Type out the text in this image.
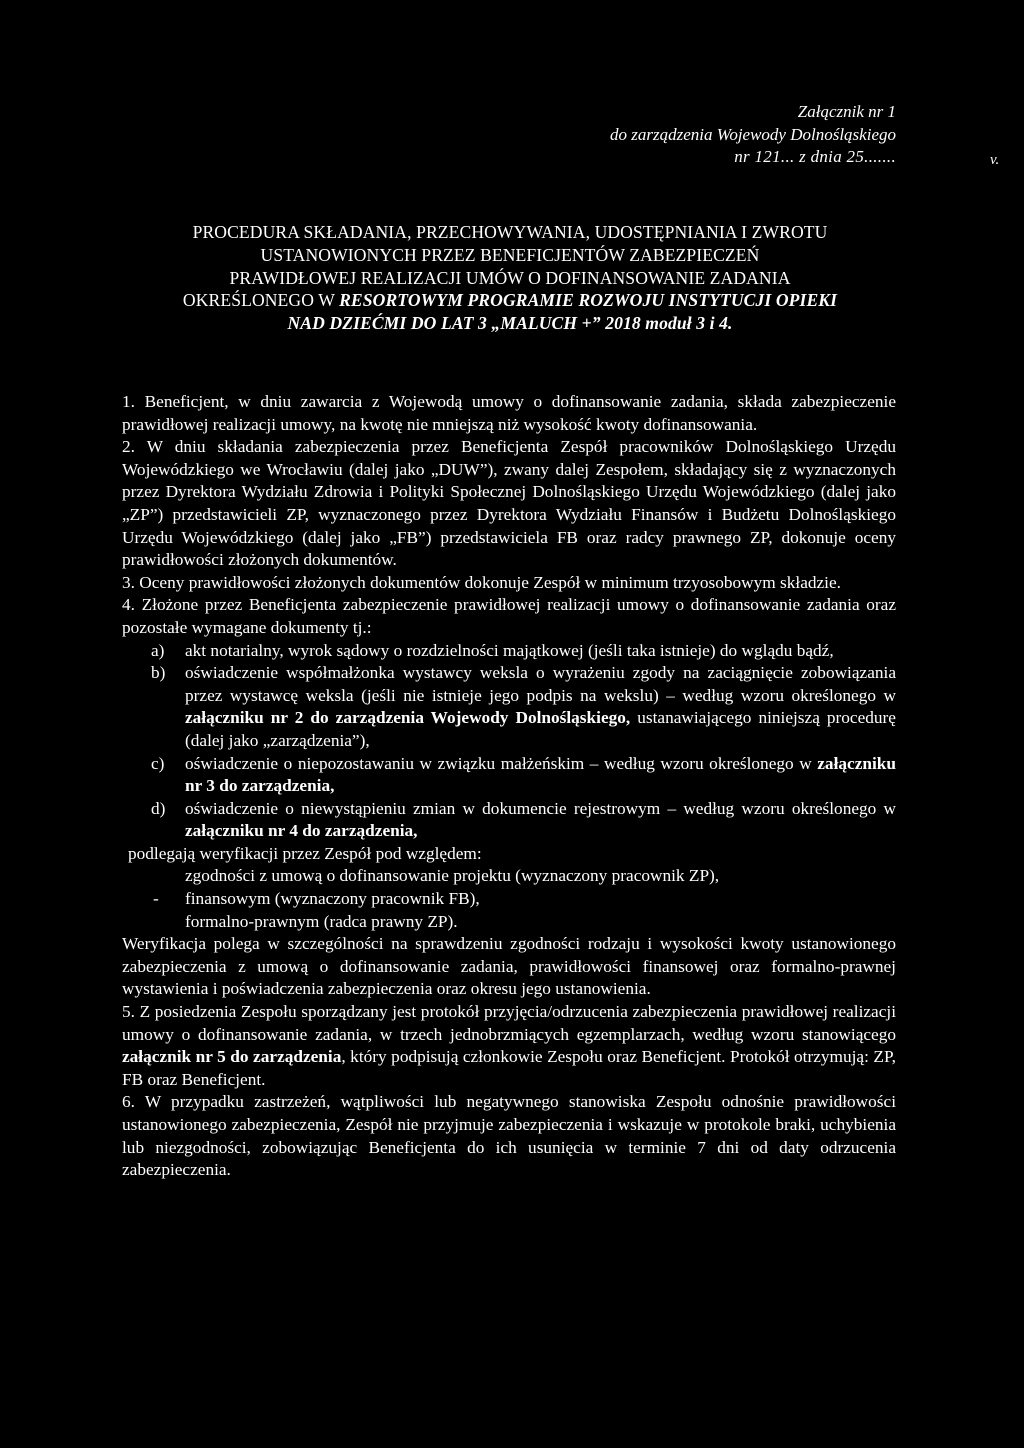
Załącznik nr 1
do zarządzenia Wojewody Dolnośląskiego
nr 121... z dnia 25.......	v.
PROCEDURA SKŁADANIA, PRZECHOWYWANIA, UDOSTĘPNIANIA I ZWROTU
USTANOWIONYCH PRZEZ BENEFICJENTÓW ZABEZPIECZEŃ
PRAWIDŁOWEJ REALIZACJI UMÓW O DOFINANSOWANIE ZADANIA
OKREŚLONEGO W RESORTOWYM PROGRAMIE ROZWOJU INSTYTUCJI OPIEKI
NAD DZIEĆMI DO LAT 3 „MALUCH +” 2018 moduł 3 i 4.

1. Beneficjent, w dniu zawarcia z Wojewodą umowy o dofinansowanie zadania, składa zabezpieczenie prawidłowej realizacji umowy, na kwotę nie mniejszą niż wysokość kwoty dofinansowania.

2. W dniu składania zabezpieczenia przez Beneficjenta Zespół pracowników Dolnośląskiego Urzędu Wojewódzkiego we Wrocławiu (dalej jako „DUW”), zwany dalej Zespołem, składający się z wyznaczonych przez Dyrektora Wydziału Zdrowia i Polityki Społecznej Dolnośląskiego Urzędu Wojewódzkiego (dalej jako „ZP”) przedstawicieli ZP, wyznaczonego przez Dyrektora Wydziału Finansów i Budżetu Dolnośląskiego Urzędu Wojewódzkiego (dalej jako „FB”) przedstawiciela FB oraz radcy prawnego ZP, dokonuje oceny prawidłowości złożonych dokumentów.

3. Oceny prawidłowości złożonych dokumentów dokonuje Zespół w minimum trzyosobowym składzie.

4. Złożone przez Beneficjenta zabezpieczenie prawidłowej realizacji umowy o dofinansowanie zadania oraz pozostałe wymagane dokumenty tj.:

a) akt notarialny, wyrok sądowy o rozdzielności majątkowej (jeśli taka istnieje) do wglądu bądź,
b) oświadczenie współmałżonka wystawcy weksla o wyrażeniu zgody na zaciągnięcie zobowiązania przez wystawcę weksla (jeśli nie istnieje jego podpis na wekslu) – według wzoru określonego w załączniku nr 2 do zarządzenia Wojewody Dolnośląskiego, ustanawiającego niniejszą procedurę (dalej jako „zarządzenia”),
c) oświadczenie o niepozostawaniu w związku małżeńskim – według wzoru określonego w załączniku nr 3 do zarządzenia,
d) oświadczenie o niewystąpieniu zmian w dokumencie rejestrowym – według wzoru określonego w załączniku nr 4 do zarządzenia,
podlegają weryfikacji przez Zespół pod względem:
zgodności z umową o dofinansowanie projektu (wyznaczony pracownik ZP),
- finansowym (wyznaczony pracownik FB),
formalno-prawnym (radca prawny ZP).

Weryfikacja polega w szczególności na sprawdzeniu zgodności rodzaju i wysokości kwoty ustanowionego zabezpieczenia z umową o dofinansowanie zadania, prawidłowości finansowej oraz formalno-prawnej wystawienia i poświadczenia zabezpieczenia oraz okresu jego ustanowienia.

5. Z posiedzenia Zespołu sporządzany jest protokół przyjęcia/odrzucenia zabezpieczenia prawidłowej realizacji umowy o dofinansowanie zadania, w trzech jednobrzmiących egzemplarzach, według wzoru stanowiącego załącznik nr 5 do zarządzenia, który podpisują członkowie Zespołu oraz Beneficjent. Protokół otrzymują: ZP, FB oraz Beneficjent.

6. W przypadku zastrzeżeń, wątpliwości lub negatywnego stanowiska Zespołu odnośnie prawidłowości ustanowionego zabezpieczenia, Zespół nie przyjmuje zabezpieczenia i wskazuje w protokole braki, uchybienia lub niezgodności, zobowiązując Beneficjenta do ich usunięcia w terminie 7 dni od daty odrzucenia zabezpieczenia.
